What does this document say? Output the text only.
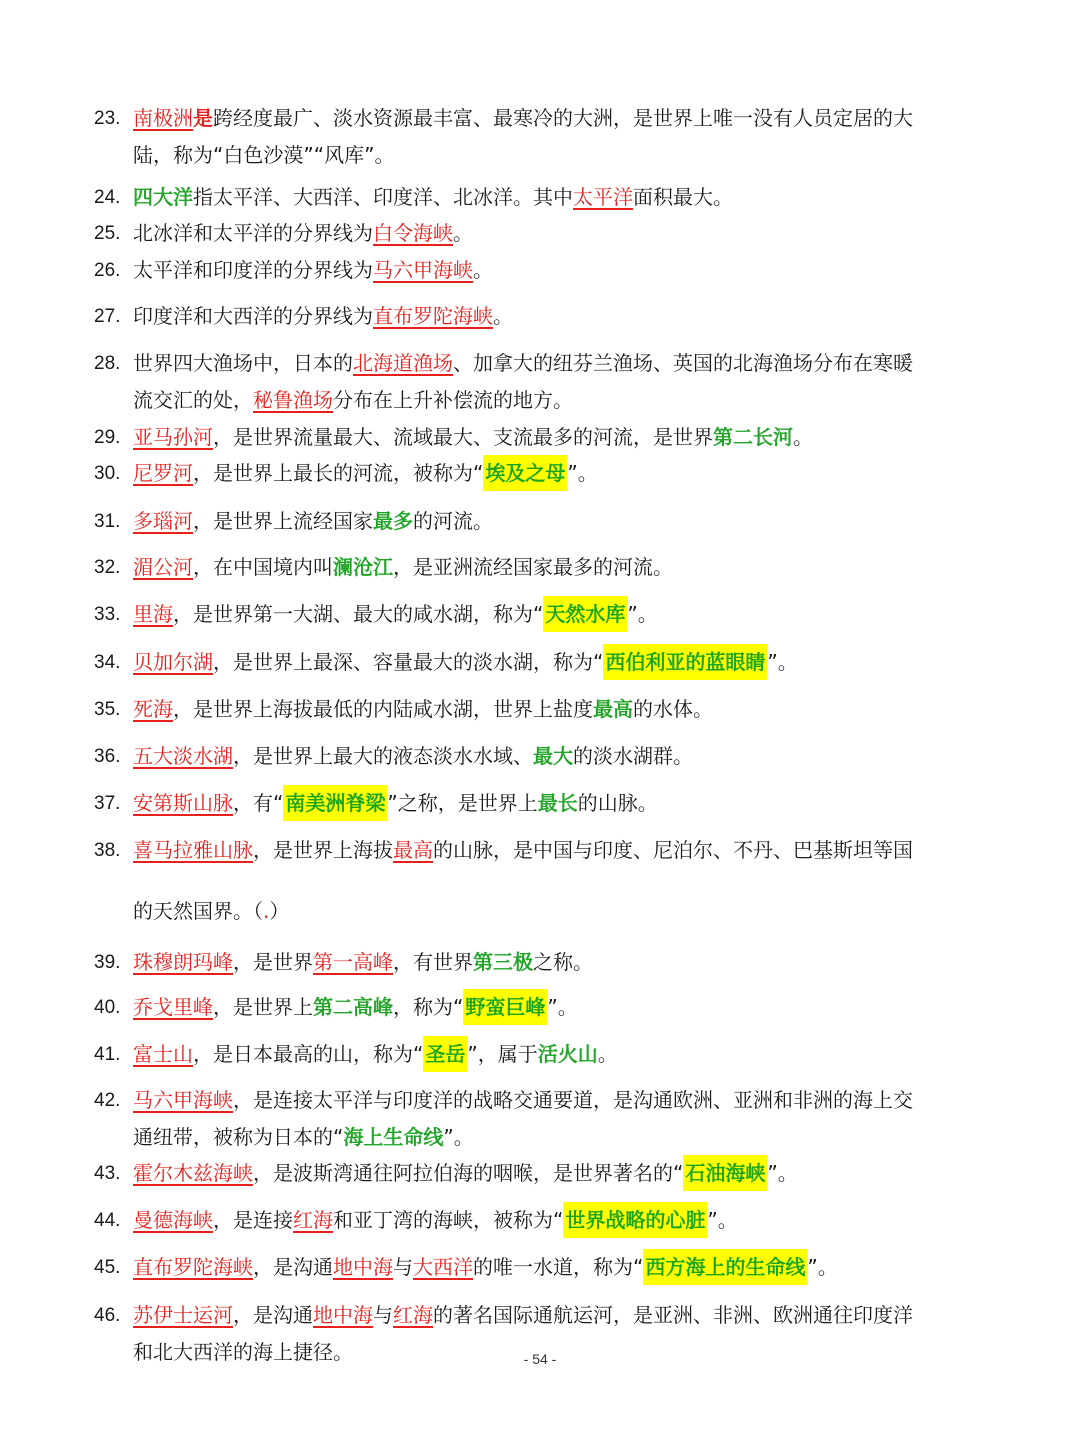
23. 南极洲是跨经度最广、淡水资源最丰富、最寒冷的大洲，是世界上唯一没有人员定居的大
陆，称为“白色沙漠”“风库”。
24. 四大洋指太平洋、大西洋、印度洋、北冰洋。其中太平洋面积最大。
25. 北冰洋和太平洋的分界线为白令海峡。
26. 太平洋和印度洋的分界线为马六甲海峡。
27. 印度洋和大西洋的分界线为直布罗陀海峡。
28. 世界四大渔场中，日本的北海道渔场、加拿大的纽芬兰渔场、英国的北海渔场分布在寒暖
流交汇的处，秘鲁渔场分布在上升补偿流的地方。
29. 亚马孙河，是世界流量最大、流域最大、支流最多的河流，是世界第二长河。
30. 尼罗河，是世界上最长的河流，被称为“ 埃及之母 ”。
31. 多瑙河，是世界上流经国家最多的河流。
32. 湄公河，在中国境内叫澜沧江，是亚洲流经国家最多的河流。
33. 里海，是世界第一大湖、最大的咸水湖，称为“ 天然水库 ”。
34. 贝加尔湖，是世界上最深、容量最大的淡水湖，称为“ 西伯利亚的蓝眼睛 ”。
35. 死海，是世界上海拔最低的内陆咸水湖，世界上盐度最高的水体。
36. 五大淡水湖，是世界上最大的液态淡水水域、最大的淡水湖群。
37. 安第斯山脉，有“ 南美洲脊梁 ”之称，是世界上最长的山脉。
38. 喜马拉雅山脉，是世界上海拔最高的山脉，是中国与印度、尼泊尔、不丹、巴基斯坦等国
的天然国界。（.）
39. 珠穆朗玛峰，是世界第一高峰，有世界第三极之称。
40. 乔戈里峰，是世界上第二高峰，称为“ 野蛮巨峰 ”。
41. 富士山，是日本最高的山，称为“ 圣岳 ”，属于活火山。
42. 马六甲海峡，是连接太平洋与印度洋的战略交通要道，是沟通欧洲、亚洲和非洲的海上交
通纽带，被称为日本的“海上生命线”。
43. 霍尔木兹海峡，是波斯湾通往阿拉伯海的咽喉，是世界著名的“ 石油海峡 ”。
44. 曼德海峡，是连接红海和亚丁湾的海峡，被称为“ 世界战略的心脏 ”。
45. 直布罗陀海峡，是沟通地中海与大西洋的唯一水道，称为“ 西方海上的生命线 ”。
46. 苏伊士运河，是沟通地中海与红海的著名国际通航运河，是亚洲、非洲、欧洲通往印度洋
和北大西洋的海上捷径。	- 54 -
